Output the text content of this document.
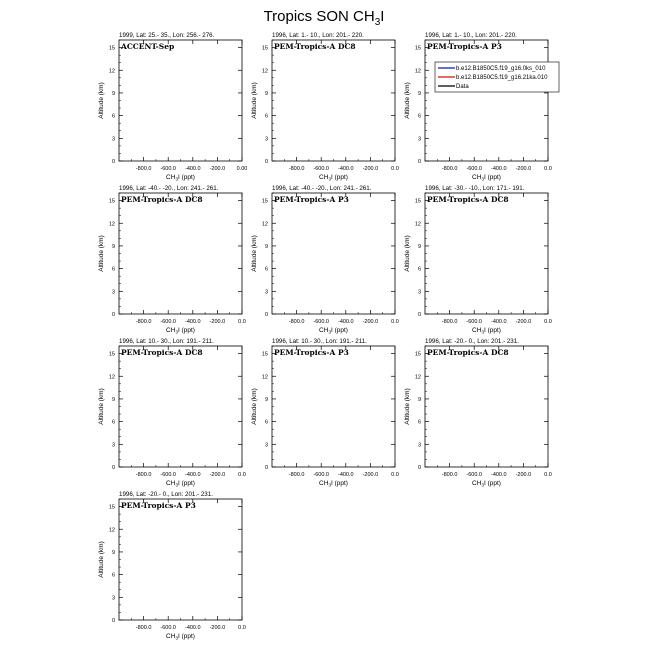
Tropics SON $CH_3I$
1999, Lat: 25.- 35., Lon: 256.- 276.
ACCENT-Sep
0
3
6
9
12
15
-800.0 -600.0 -400.0 -200.0 0.00
$CH_3I$ (ppt)
Altitude (km)
1996, Lat: 1.- 10., Lon: 201.- 220.
PEM-Tropics-A DC8
0
3
6
9
12
15
-800.0 -600.0 -400.0 -200.0 0.0
$CH_3I$ (ppt)
Altitude (km)
1996, Lat: 1.- 10., Lon: 201.- 220.
PEM-Tropics-A P3
0
3
6
9
12
15
-800.0 -600.0 -400.0 -200.0 0.0
$CH_3I$ (ppt)
Altitude (km)
b.e12.B1850C5.f19_g16.0ks_010
b.e12.B1850C5.f19_g16.21ka.010
Data
1996, Lat: -40.- -20., Lon: 241.- 261.
PEM-Tropics-A DC8
0
3
6
9
12
15
-800.0 -600.0 -400.0 -200.0 0.0
$CH_3I$ (ppt)
Altitude (km)
1996, Lat: -40.- -20., Lon: 241.- 261.
PEM-Tropics-A P3
0
3
6
9
12
15
-800.0 -600.0 -400.0 -200.0 0.0
$CH_3I$ (ppt)
Altitude (km)
1996, Lat: -30.- -10., Lon: 171.- 191.
PEM-Tropics-A DC8
0
3
6
9
12
15
-800.0 -600.0 -400.0 -200.0 0.0
$CH_3I$ (ppt)
Altitude (km)
1996, Lat: 10.- 30., Lon: 191.- 211.
PEM-Tropics-A DC8
0
3
6
9
12
15
-800.0 -600.0 -400.0 -200.0 0.0
$CH_3I$ (ppt)
Altitude (km)
1996, Lat: 10.- 30., Lon: 191.- 211.
PEM-Tropics-A P3
0
3
6
9
12
15
-800.0 -600.0 -400.0 -200.0 0.0
$CH_3I$ (ppt)
Altitude (km)
1996, Lat: -20.- 0., Lon: 201.- 231.
PEM-Tropics-A DC8
0
3
6
9
12
15
-800.0 -600.0 -400.0 -200.0 0.0
$CH_3I$ (ppt)
Altitude (km)
1996, Lat: -20.- 0., Lon: 201.- 231.
PEM-Tropics-A P3
0
3
6
9
12
15
-800.0 -600.0 -400.0 -200.0 0.0
$CH_3I$ (ppt)
Altitude (km)
